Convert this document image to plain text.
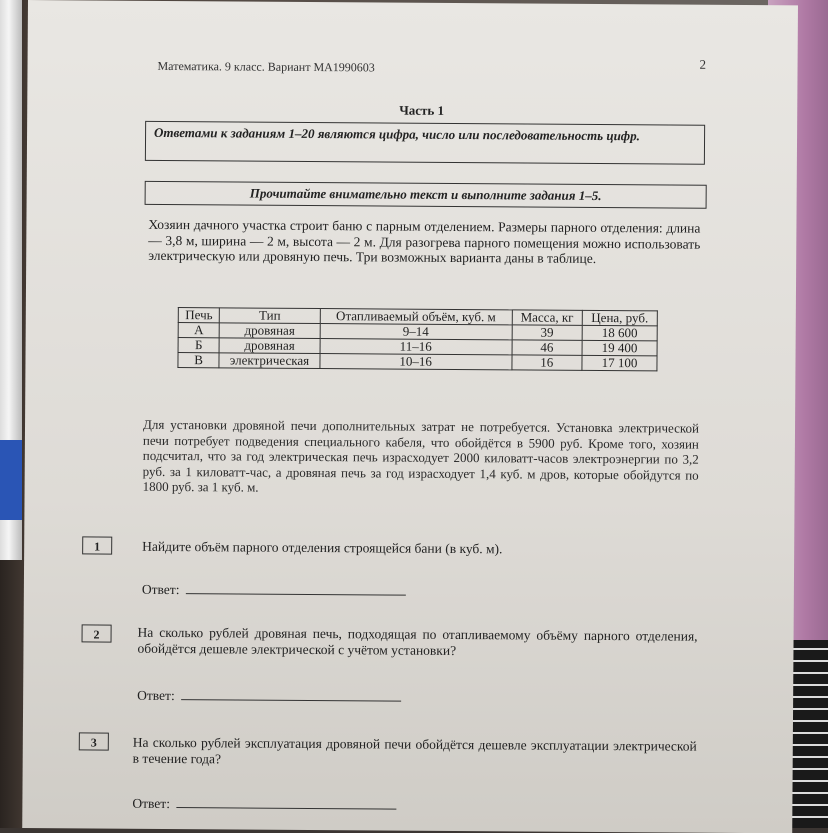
Математика. 9 класс. Вариант МА1990603	2
Часть 1
Ответами к заданиям 1–20 являются цифра, число или последовательность цифр.
Прочитайте внимательно текст и выполните задания 1–5.
Хозяин дачного участка строит баню с парным отделением. Размеры парного отделения: длина — 3,8 м, ширина — 2 м, высота — 2 м. Для разогрева парного помещения можно использовать электрическую или дровяную печь. Три возможных варианта даны в таблице.
Печь	Тип	Отапливаемый объём, куб. м	Масса, кг	Цена, руб.
А	дровяная	9–14	39	18 600
Б	дровяная	11–16	46	19 400
В	электрическая	10–16	16	17 100
Для установки дровяной печи дополнительных затрат не потребуется. Установка электрической печи потребует подведения специального кабеля, что обойдётся в 5900 руб. Кроме того, хозяин подсчитал, что за год электрическая печь израсходует 2000 киловатт-часов электроэнергии по 3,2 руб. за 1 киловатт-час, а дровяная печь за год израсходует 1,4 куб. м дров, которые обойдутся по 1800 руб. за 1 куб. м.
1	Найдите объём парного отделения строящейся бани (в куб. м).
Ответ:
2	На сколько рублей дровяная печь, подходящая по отапливаемому объёму парного отделения, обойдётся дешевле электрической с учётом установки?
Ответ:
3	На сколько рублей эксплуатация дровяной печи обойдётся дешевле эксплуатации электрической в течение года?
Ответ:
